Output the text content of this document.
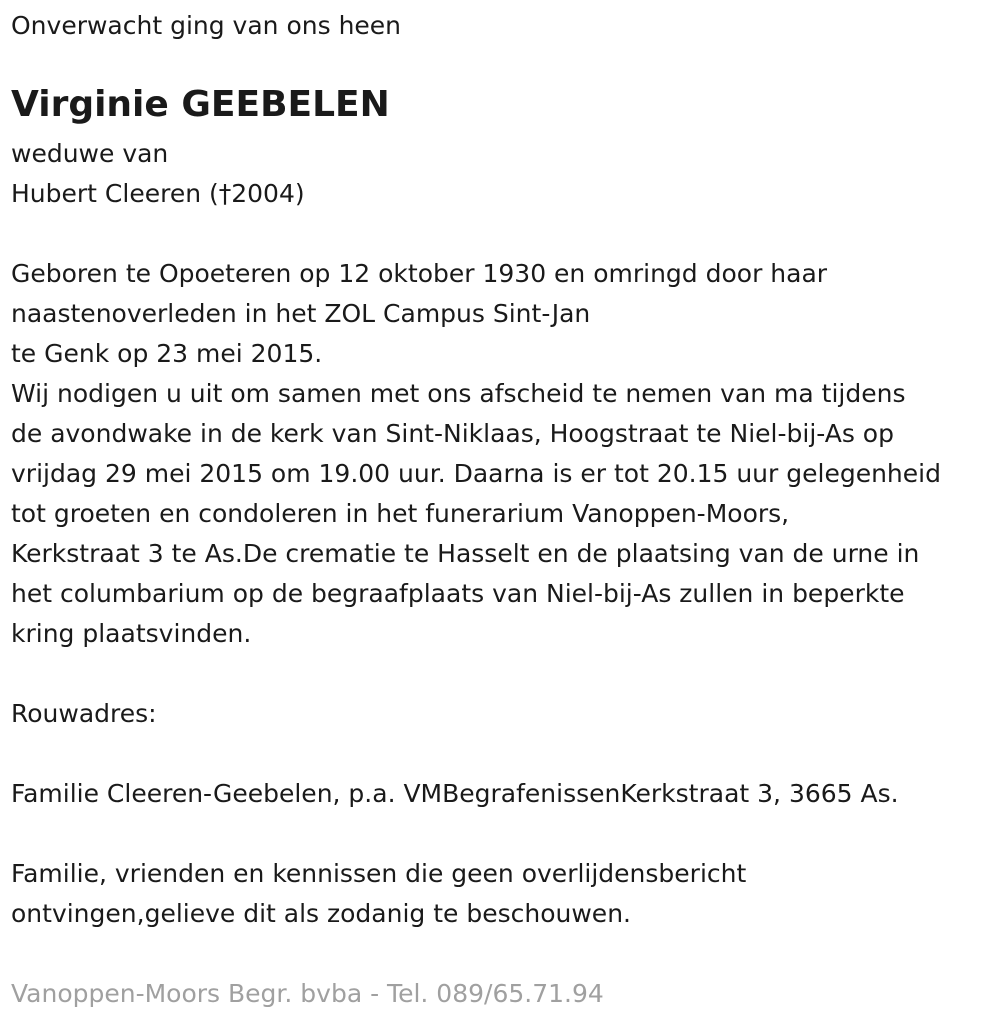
Onverwacht ging van ons heen
Virginie GEEBELEN
weduwe van
Hubert Cleeren (†2004)
Geboren te Opoeteren op 12 oktober 1930 en omringd door haar
naastenoverleden in het ZOL Campus Sint-Jan
te Genk op 23 mei 2015.
Wij nodigen u uit om samen met ons afscheid te nemen van ma tijdens
de avondwake in de kerk van Sint-Niklaas, Hoogstraat te Niel-bij-As op
vrijdag 29 mei 2015 om 19.00 uur. Daarna is er tot 20.15 uur gelegenheid
tot groeten en condoleren in het funerarium Vanoppen-Moors,
Kerkstraat 3 te As.De crematie te Hasselt en de plaatsing van de urne in
het columbarium op de begraafplaats van Niel-bij-As zullen in beperkte
kring plaatsvinden.
Rouwadres:
Familie Cleeren-Geebelen, p.a. VMBegrafenissenKerkstraat 3, 3665 As.
Familie, vrienden en kennissen die geen overlijdensbericht
ontvingen,gelieve dit als zodanig te beschouwen.
Vanoppen-Moors Begr. bvba - Tel. 089/65.71.94
